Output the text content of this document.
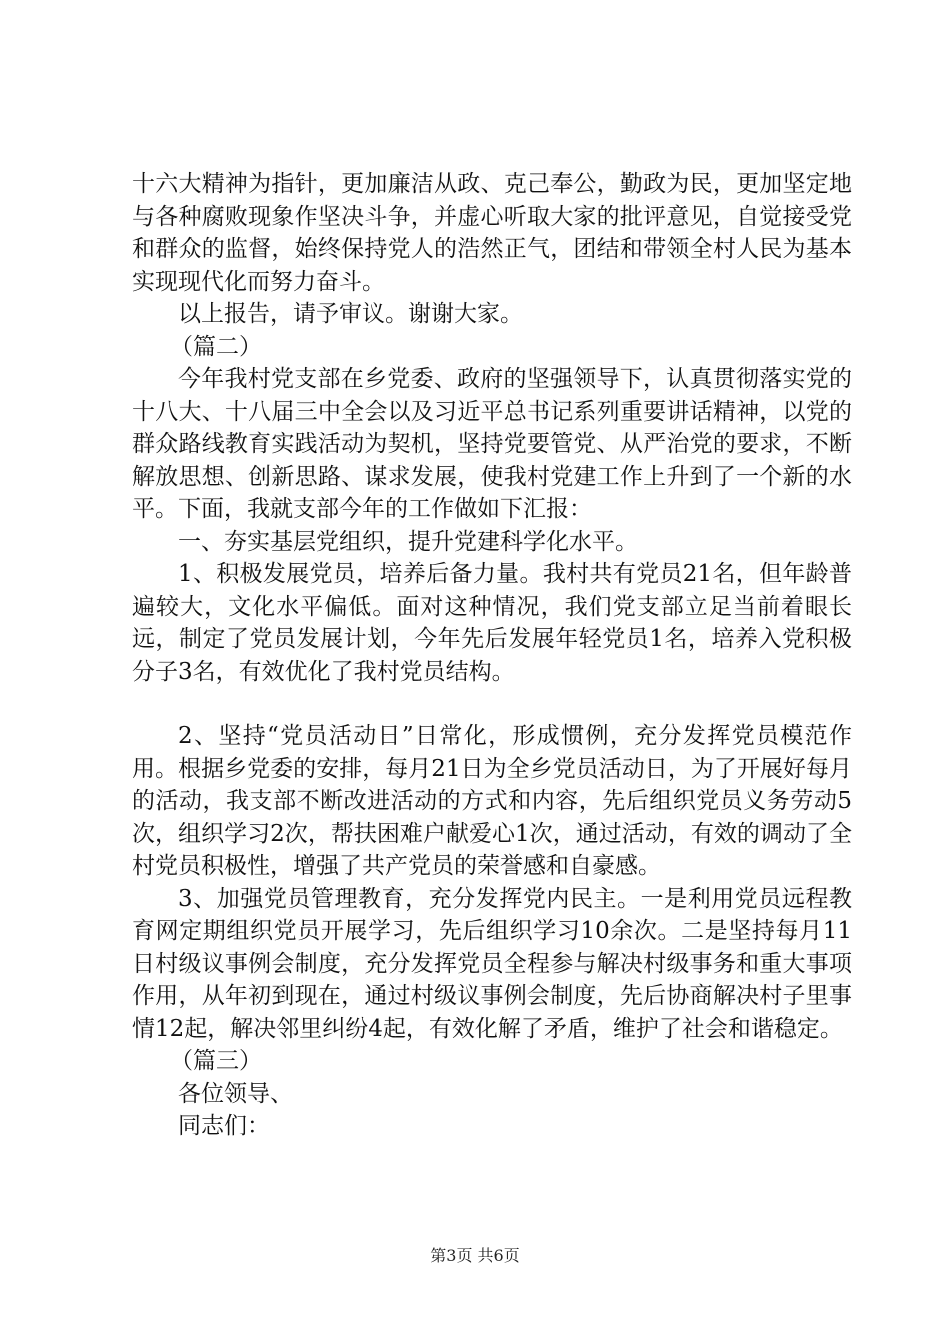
十六大精神为指针，更加廉洁从政、克己奉公，勤政为民，更加坚定地与各种腐败现象作坚决斗争，并虚心听取大家的批评意见，自觉接受党和群众的监督，始终保持党人的浩然正气，团结和带领全村人民为基本实现现代化而努力奋斗。

以上报告，请予审议。谢谢大家。

（篇二）

今年我村党支部在乡党委、政府的坚强领导下，认真贯彻落实党的十八大、十八届三中全会以及习近平总书记系列重要讲话精神，以党的群众路线教育实践活动为契机，坚持党要管党、从严治党的要求，不断解放思想、创新思路、谋求发展，使我村党建工作上升到了一个新的水平。下面，我就支部今年的工作做如下汇报：

一、夯实基层党组织，提升党建科学化水平。

1、积极发展党员，培养后备力量。我村共有党员21名，但年龄普遍较大，文化水平偏低。面对这种情况，我们党支部立足当前着眼长远，制定了党员发展计划，今年先后发展年轻党员1名，培养入党积极分子3名，有效优化了我村党员结构。

2、坚持“党员活动日”日常化，形成惯例，充分发挥党员模范作用。根据乡党委的安排，每月21日为全乡党员活动日，为了开展好每月的活动，我支部不断改进活动的方式和内容，先后组织党员义务劳动5次，组织学习2次，帮扶困难户献爱心1次，通过活动，有效的调动了全村党员积极性，增强了共产党员的荣誉感和自豪感。

3、加强党员管理教育，充分发挥党内民主。一是利用党员远程教育网定期组织党员开展学习，先后组织学习10余次。二是坚持每月11日村级议事例会制度，充分发挥党员全程参与解决村级事务和重大事项作用，从年初到现在，通过村级议事例会制度，先后协商解决村子里事情12起，解决邻里纠纷4起，有效化解了矛盾，维护了社会和谐稳定。

（篇三）

各位领导、

同志们：

第3页 共6页
